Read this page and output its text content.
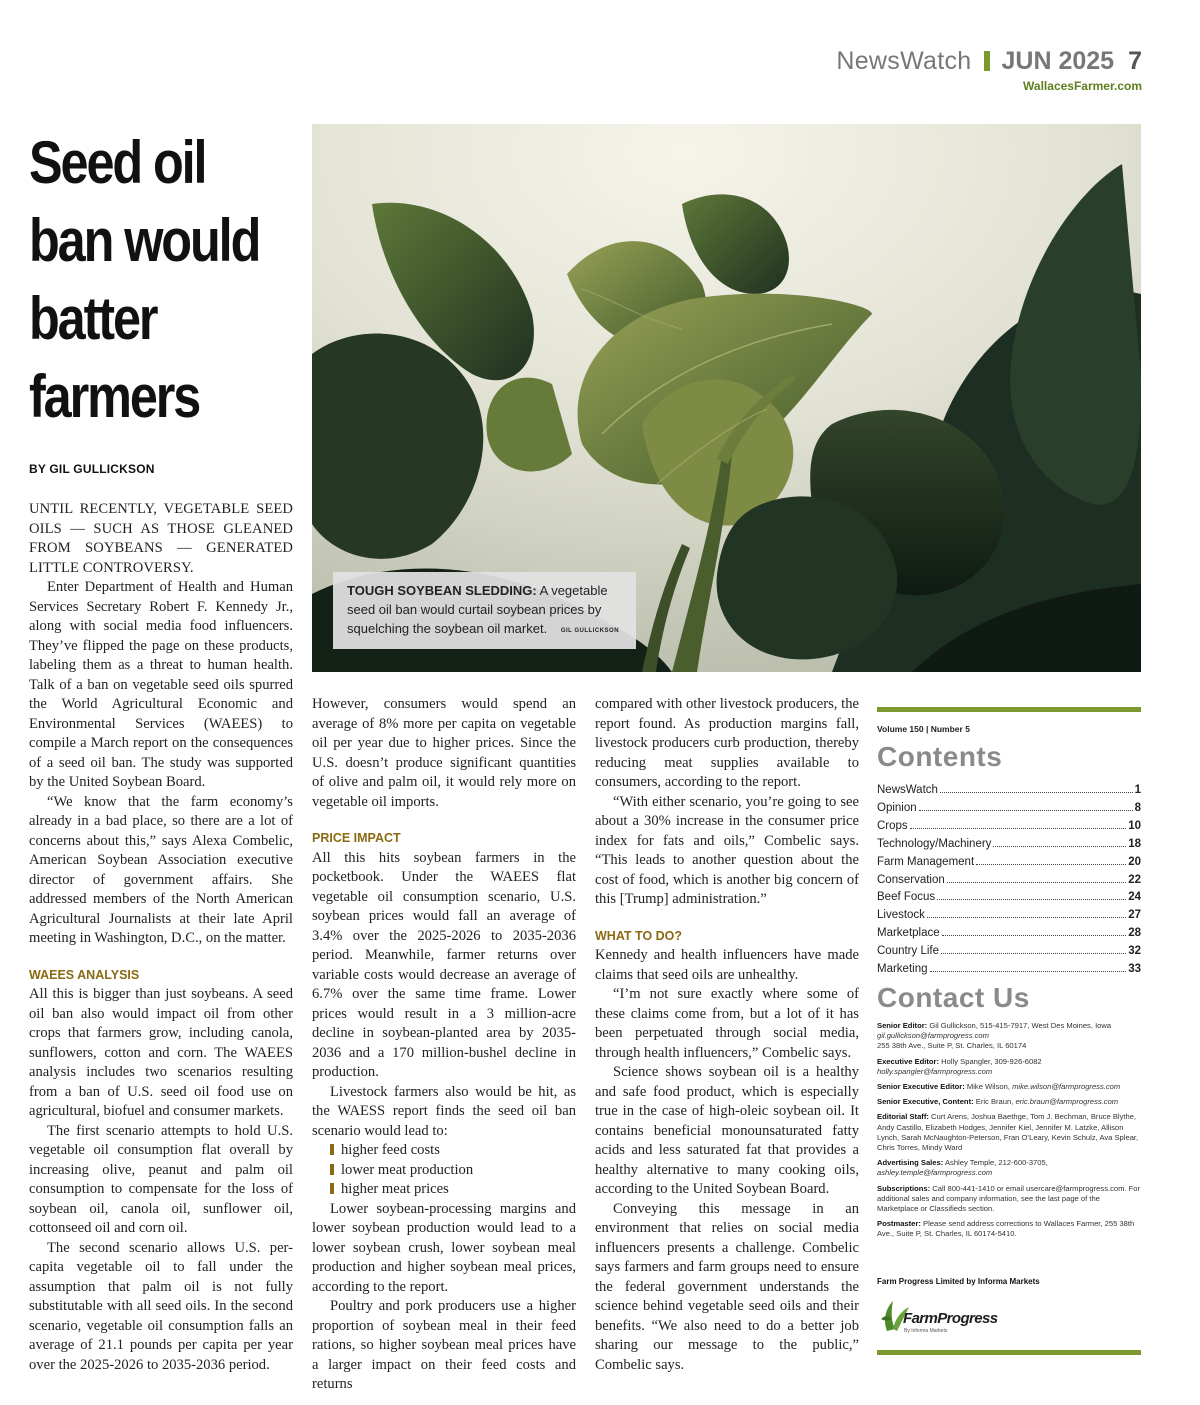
NewsWatch JUN 2025 7
WallacesFarmer.com
Seed oil ban would batter farmers
BY GIL GULLICKSON

UNTIL RECENTLY, VEGETABLE SEED OILS — SUCH AS THOSE GLEANED FROM SOYBEANS — GENERATED LITTLE CONTROVERSY.

Enter Department of Health and Human Services Secretary Robert F. Kennedy Jr., along with social media food influencers. They’ve flipped the page on these products, labeling them as a threat to human health. Talk of a ban on vegetable seed oils spurred the World Agricultural Economic and Environmental Services (WAEES) to compile a March report on the consequences of a seed oil ban. The study was supported by the United Soybean Board.

“We know that the farm economy’s already in a bad place, so there are a lot of concerns about this,” says Alexa Combelic, American Soybean Association executive director of government affairs. She addressed members of the North American Agricultural Journalists at their late April meeting in Washington, D.C., on the matter.

WAEES ANALYSIS

All this is bigger than just soybeans. A seed oil ban also would impact oil from other crops that farmers grow, including canola, sunflowers, cotton and corn. The WAEES analysis includes two scenarios resulting from a ban of U.S. seed oil food use on agricultural, biofuel and consumer markets.

The first scenario attempts to hold U.S. vegetable oil consumption flat overall by increasing olive, peanut and palm oil consumption to compensate for the loss of soybean oil, canola oil, sunflower oil, cottonseed oil and corn oil.

The second scenario allows U.S. per-capita vegetable oil to fall under the assumption that palm oil is not fully substitutable with all seed oils. In the second scenario, vegetable oil consumption falls an average of 21.1 pounds per capita per year over the 2025-2026 to 2035-2036 period.

However, consumers would spend an average of 8% more per capita on vegetable oil per year due to higher prices. Since the U.S. doesn’t produce significant quantities of olive and palm oil, it would rely more on vegetable oil imports.

PRICE IMPACT

All this hits soybean farmers in the pocketbook. Under the WAEES flat vegetable oil consumption scenario, U.S. soybean prices would fall an average of 3.4% over the 2025-2026 to 2035-2036 period. Meanwhile, farmer returns over variable costs would decrease an average of 6.7% over the same time frame. Lower prices would result in a 3 million-acre decline in soybean-planted area by 2035-2036 and a 170 million-bushel decline in production.

Livestock farmers also would be hit, as the WAESS report finds the seed oil ban scenario would lead to:

higher feed costs
lower meat production
higher meat prices

Lower soybean-processing margins and lower soybean production would lead to a lower soybean crush, lower soybean meal production and higher soybean meal prices, according to the report.

Poultry and pork producers use a higher proportion of soybean meal in their feed rations, so higher soybean meal prices have a larger impact on their feed costs and returns

compared with other livestock producers, the report found. As production margins fall, livestock producers curb production, thereby reducing meat supplies available to consumers, according to the report.

“With either scenario, you’re going to see about a 30% increase in the consumer price index for fats and oils,” Combelic says. “This leads to another question about the cost of food, which is another big concern of this [Trump] administration.”

WHAT TO DO?

Kennedy and health influencers have made claims that seed oils are unhealthy.

“I’m not sure exactly where some of these claims come from, but a lot of it has been perpetuated through social media, through health influencers,” Combelic says.

Science shows soybean oil is a healthy and safe food product, which is especially true in the case of high-oleic soybean oil. It contains beneficial monounsaturated fatty acids and less saturated fat that provides a healthy alternative to many cooking oils, according to the United Soybean Board.

Conveying this message in an environment that relies on social media influencers presents a challenge. Combelic says farmers and farm groups need to ensure the federal government understands the science behind vegetable seed oils and their benefits. “We also need to do a better job sharing our message to the public,” Combelic says.

TOUGH SOYBEAN SLEDDING: A vegetable seed oil ban would curtail soybean prices by squelching the soybean oil market. GIL GULLICKSON
Volume 150 | Number 5
Contents
NewsWatch	1
Opinion	8
Crops	10
Technology/Machinery	18
Farm Management	20
Conservation	22
Beef Focus	24
Livestock	27
Marketplace	28
Country Life	32
Marketing	33
Contact Us

Senior Editor: Gil Gullickson, 515-415-7917, West Des Moines, Iowa
gil.gullickson@farmprogress.com
255 38th Ave., Suite P, St. Charles, IL 60174

Executive Editor: Holly Spangler, 309-926-6082
holly.spangler@farmprogress.com

Senior Executive Editor: Mike Wilson, mike.wilson@farmprogress.com

Senior Executive, Content: Eric Braun, eric.braun@farmprogress.com

Editorial Staff: Curt Arens, Joshua Baethge, Tom J. Bechman, Bruce Blythe, Andy Castillo, Elizabeth Hodges, Jennifer Kiel, Jennifer M. Latzke, Allison Lynch, Sarah McNaughton-Peterson, Fran O’Leary, Kevin Schulz, Ava Splear, Chris Torres, Mindy Ward

Advertising Sales: Ashley Temple, 212-600-3705,
ashley.temple@farmprogress.com

Subscriptions: Call 800-441-1410 or email usercare@farmprogress.com. For additional sales and company information, see the last page of the Marketplace or Classifieds section.

Postmaster: Please send address corrections to Wallaces Farmer, 255 38th Ave., Suite P, St. Charles, IL 60174-5410.

Farm Progress Limited by Informa Markets
FarmProgress
By Informa Markets
